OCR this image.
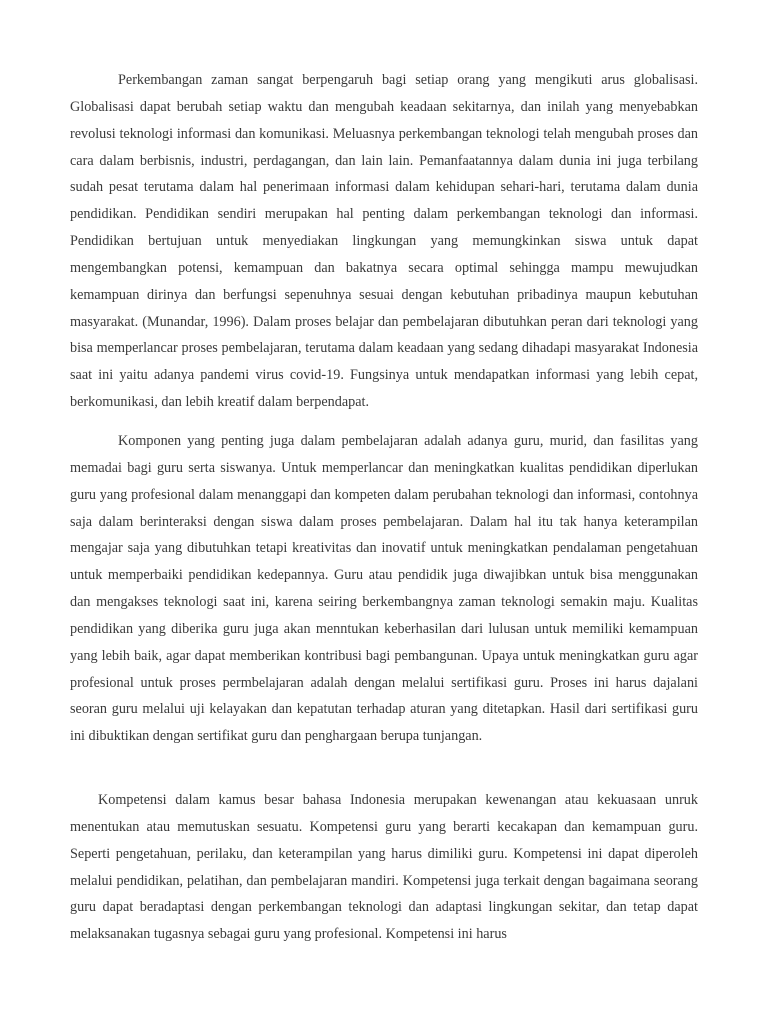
Perkembangan zaman sangat berpengaruh bagi setiap orang yang mengikuti arus globalisasi. Globalisasi dapat berubah setiap waktu dan mengubah keadaan sekitarnya, dan inilah yang menyebabkan revolusi teknologi informasi dan komunikasi. Meluasnya perkembangan teknologi telah mengubah proses dan cara dalam berbisnis, industri, perdagangan, dan lain lain. Pemanfaatannya dalam dunia ini juga terbilang sudah pesat terutama dalam hal penerimaan informasi dalam kehidupan sehari-hari, terutama dalam dunia pendidikan. Pendidikan sendiri merupakan hal penting dalam perkembangan teknologi dan informasi. Pendidikan bertujuan untuk menyediakan lingkungan yang memungkinkan siswa untuk dapat mengembangkan potensi, kemampuan dan bakatnya secara optimal sehingga mampu mewujudkan kemampuan dirinya dan berfungsi sepenuhnya sesuai dengan kebutuhan pribadinya maupun kebutuhan masyarakat. (Munandar, 1996). Dalam proses belajar dan pembelajaran dibutuhkan peran dari teknologi yang bisa memperlancar proses pembelajaran, terutama dalam keadaan yang sedang dihadapi masyarakat Indonesia saat ini yaitu adanya pandemi virus covid-19. Fungsinya untuk mendapatkan informasi yang lebih cepat, berkomunikasi, dan lebih kreatif dalam berpendapat.

Komponen yang penting juga dalam pembelajaran adalah adanya guru, murid, dan fasilitas yang memadai bagi guru serta siswanya. Untuk memperlancar dan meningkatkan kualitas pendidikan diperlukan guru yang profesional dalam menanggapi dan kompeten dalam perubahan teknologi dan informasi, contohnya saja dalam berinteraksi dengan siswa dalam proses pembelajaran. Dalam hal itu tak hanya keterampilan mengajar saja yang dibutuhkan tetapi kreativitas dan inovatif untuk meningkatkan pendalaman pengetahuan untuk memperbaiki pendidikan kedepannya. Guru atau pendidik juga diwajibkan untuk bisa menggunakan dan mengakses teknologi saat ini, karena seiring berkembangnya zaman teknologi semakin maju. Kualitas pendidikan yang diberika guru juga akan menntukan keberhasilan dari lulusan untuk memiliki kemampuan yang lebih baik, agar dapat memberikan kontribusi bagi pembangunan. Upaya untuk meningkatkan guru agar profesional untuk proses permbelajaran adalah dengan melalui sertifikasi guru. Proses ini harus dajalani seoran guru melalui uji kelayakan dan kepatutan terhadap aturan yang ditetapkan. Hasil dari sertifikasi guru ini dibuktikan dengan sertifikat guru dan penghargaan berupa tunjangan.

Kompetensi dalam kamus besar bahasa Indonesia merupakan kewenangan atau kekuasaan unruk menentukan atau memutuskan sesuatu. Kompetensi guru yang berarti kecakapan dan kemampuan guru. Seperti pengetahuan, perilaku, dan keterampilan yang harus dimiliki guru. Kompetensi ini dapat diperoleh melalui pendidikan, pelatihan, dan pembelajaran mandiri. Kompetensi juga terkait dengan bagaimana seorang guru dapat beradaptasi dengan perkembangan teknologi dan adaptasi lingkungan sekitar, dan tetap dapat melaksanakan tugasnya sebagai guru yang profesional. Kompetensi ini harus
